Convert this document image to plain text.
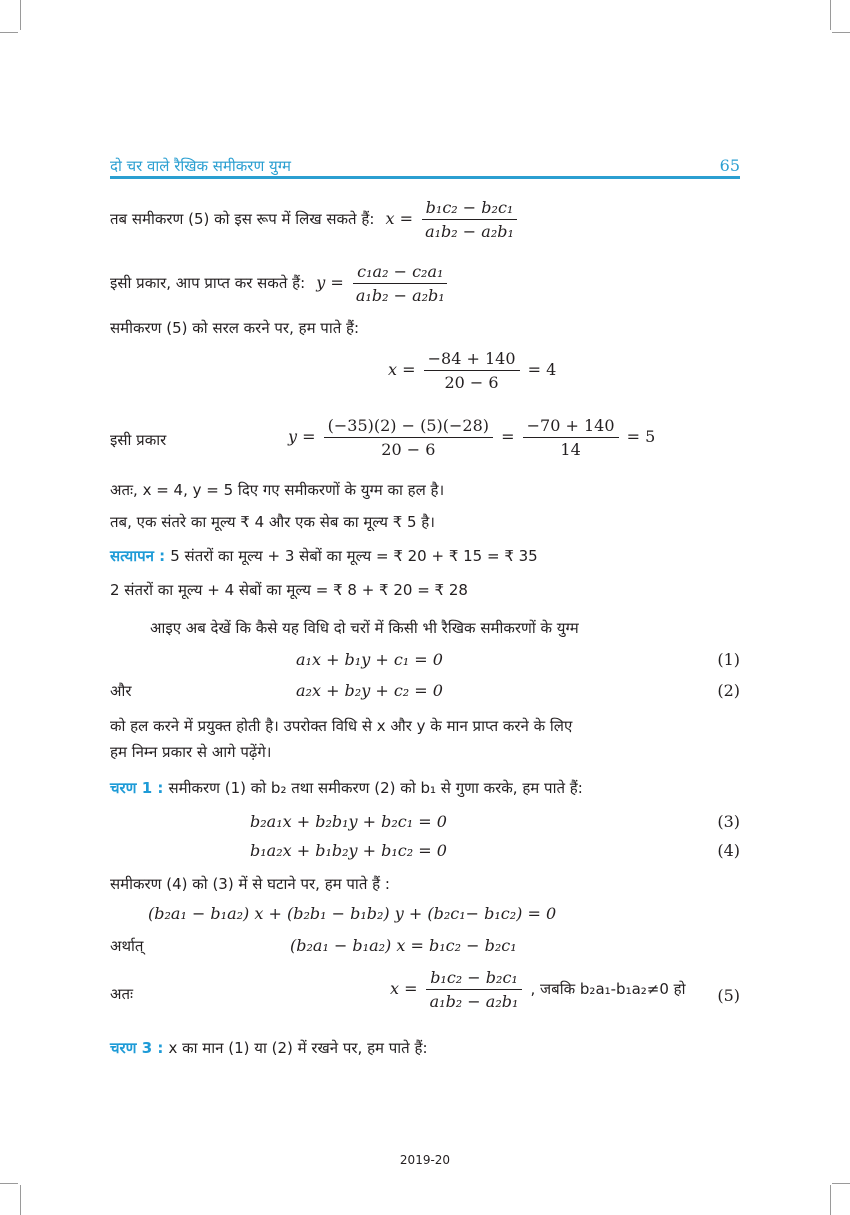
दो चर वाले रैखिक समीकरण युग्म	65
तब समीकरण (5) को इस रूप में लिख सकते हैं: $x = \frac{\text{b₁c₂ − b₂c₁}}{\text{a₁b₂ − a₂b₁}}$
इसी प्रकार, आप प्राप्त कर सकते हैं: $y = \frac{\text{c₁a₂ − c₂a₁}}{\text{a₁b₂ − a₂b₁}}$
समीकरण (5) को सरल करने पर, हम पाते हैं:
$x = \frac{-84 + 140}{20 - 6} = 4$
इसी प्रकार	$y = \frac{(-35)(2) - (5)(-28)}{20 - 6} = \frac{-70 + 140}{14} = 5$
अतः, x = 4, y = 5 दिए गए समीकरणों के युग्म का हल है।
तब, एक संतरे का मूल्य ₹ 4 और एक सेब का मूल्य ₹ 5 है।
सत्यापन : 5 संतरों का मूल्य + 3 सेबों का मूल्य = ₹ 20 + ₹ 15 = ₹ 35
2 संतरों का मूल्य + 4 सेबों का मूल्य = ₹ 8 + ₹ 20 = ₹ 28
आइए अब देखें कि कैसे यह विधि दो चरों में किसी भी रैखिक समीकरणों के युग्म
a₁x + b₁y + c₁ = 0	(1)
और	a₂x + b₂y + c₂ = 0	(2)
को हल करने में प्रयुक्त होती है। उपरोक्त विधि से x और y के मान प्राप्त करने के लिए
हम निम्न प्रकार से आगे पढ़ेंगे।
चरण 1 : समीकरण (1) को b₂ तथा समीकरण (2) को b₁ से गुणा करके, हम पाते हैं:
b₂a₁x + b₂b₁y + b₂c₁ = 0	(3)
b₁a₂x + b₁b₂y + b₁c₂ = 0	(4)
समीकरण (4) को (3) में से घटाने पर, हम पाते हैं :
(b₂a₁ − b₁a₂) x + (b₂b₁ − b₁b₂) y + (b₂c₁− b₁c₂) = 0
अर्थात्	(b₂a₁ − b₁a₂) x = b₁c₂ − b₂c₁
अतः	$x = \frac{\text{b₁c₂ − b₂c₁}}{\text{a₁b₂ − a₂b₁}}$ , जबकि b₂a₁-b₁a₂≠0 हो (5)
चरण 3 : x का मान (1) या (2) में रखने पर, हम पाते हैं:
2019-20
